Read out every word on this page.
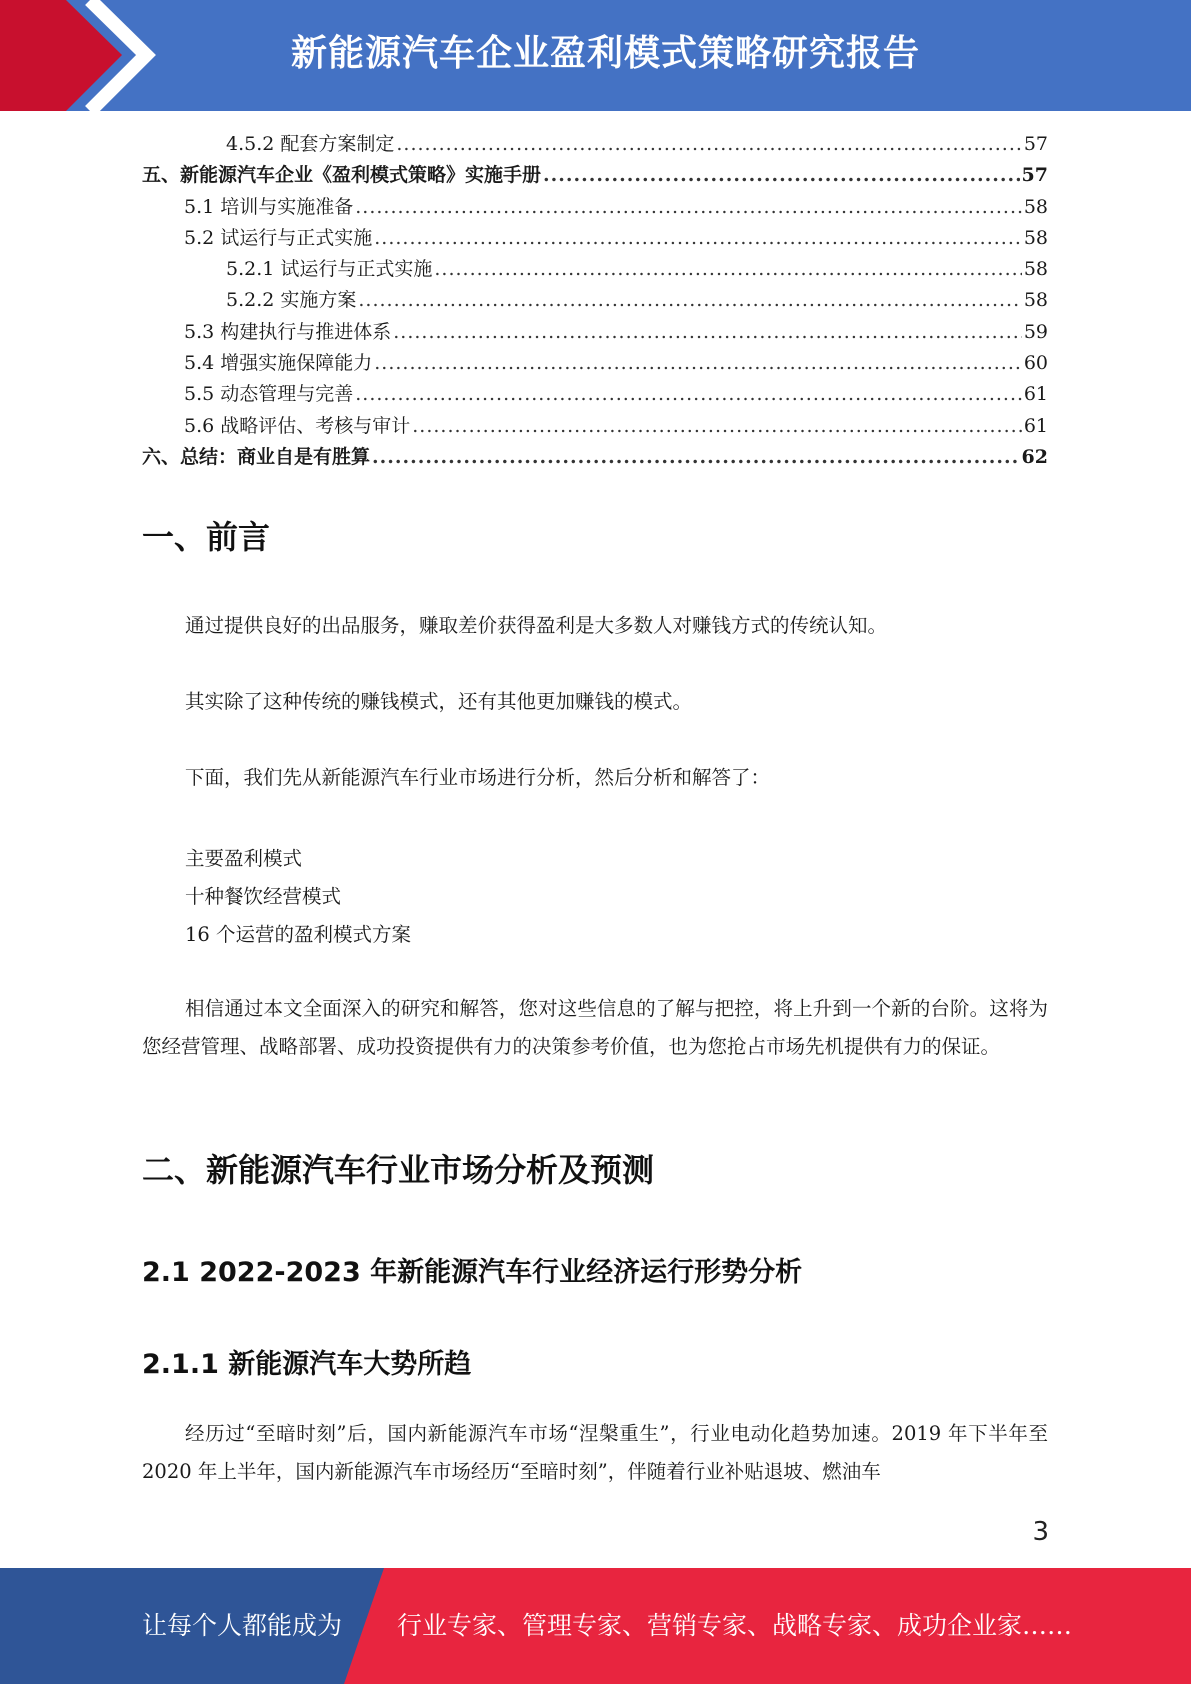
新能源汽车企业盈利模式策略研究报告
4.5.2 配套方案制定 .....	57
五、新能源汽车企业《盈利模式策略》实施手册 .....	57
5.1 培训与实施准备 .....	58
5.2 试运行与正式实施 .....	58
5.2.1 试运行与正式实施 .....	58
5.2.2 实施方案 .....	58
5.3 构建执行与推进体系 .....	59
5.4 增强实施保障能力 .....	60
5.5 动态管理与完善 .....	61
5.6 战略评估、考核与审计 .....	61
六、总结：商业自是有胜算 .....	62
一、前言
通过提供良好的出品服务，赚取差价获得盈利是大多数人对赚钱方式的传统认知。
其实除了这种传统的赚钱模式，还有其他更加赚钱的模式。
下面，我们先从新能源汽车行业市场进行分析，然后分析和解答了：
主要盈利模式
十种餐饮经营模式
16 个运营的盈利模式方案
相信通过本文全面深入的研究和解答，您对这些信息的了解与把控，将上升到一个新的台阶。这将为您经营管理、战略部署、成功投资提供有力的决策参考价值，也为您抢占市场先机提供有力的保证。
二、新能源汽车行业市场分析及预测
2.1 2022-2023 年新能源汽车行业经济运行形势分析
2.1.1 新能源汽车大势所趋
经历过“至暗时刻”后，国内新能源汽车市场“涅槃重生”，行业电动化趋势加速。2019 年下半年至 2020 年上半年，国内新能源汽车市场经历“至暗时刻”，伴随着行业补贴退坡、燃油车
3
让每个人都能成为 行业专家、管理专家、营销专家、战略专家、成功企业家……
